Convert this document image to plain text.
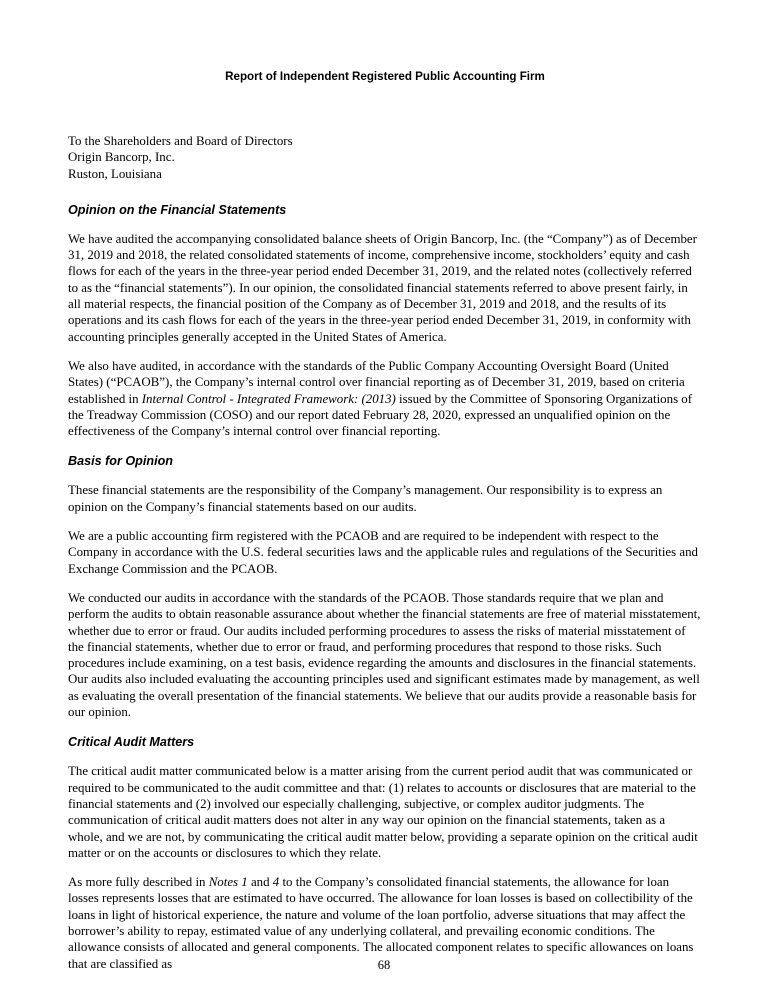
Report of Independent Registered Public Accounting Firm
To the Shareholders and Board of Directors
Origin Bancorp, Inc.
Ruston, Louisiana
Opinion on the Financial Statements

We have audited the accompanying consolidated balance sheets of Origin Bancorp, Inc. (the “Company”) as of December 31, 2019 and 2018, the related consolidated statements of income, comprehensive income, stockholders’ equity and cash flows for each of the years in the three-year period ended December 31, 2019, and the related notes (collectively referred to as the “financial statements”). In our opinion, the consolidated financial statements referred to above present fairly, in all material respects, the financial position of the Company as of December 31, 2019 and 2018, and the results of its operations and its cash flows for each of the years in the three-year period ended December 31, 2019, in conformity with accounting principles generally accepted in the United States of America.

We also have audited, in accordance with the standards of the Public Company Accounting Oversight Board (United States) (“PCAOB”), the Company’s internal control over financial reporting as of December 31, 2019, based on criteria established in Internal Control - Integrated Framework: (2013) issued by the Committee of Sponsoring Organizations of the Treadway Commission (COSO) and our report dated February 28, 2020, expressed an unqualified opinion on the effectiveness of the Company’s internal control over financial reporting.

Basis for Opinion

These financial statements are the responsibility of the Company’s management. Our responsibility is to express an opinion on the Company’s financial statements based on our audits.

We are a public accounting firm registered with the PCAOB and are required to be independent with respect to the Company in accordance with the U.S. federal securities laws and the applicable rules and regulations of the Securities and Exchange Commission and the PCAOB.

We conducted our audits in accordance with the standards of the PCAOB. Those standards require that we plan and perform the audits to obtain reasonable assurance about whether the financial statements are free of material misstatement, whether due to error or fraud. Our audits included performing procedures to assess the risks of material misstatement of the financial statements, whether due to error or fraud, and performing procedures that respond to those risks. Such procedures include examining, on a test basis, evidence regarding the amounts and disclosures in the financial statements. Our audits also included evaluating the accounting principles used and significant estimates made by management, as well as evaluating the overall presentation of the financial statements. We believe that our audits provide a reasonable basis for our opinion.

Critical Audit Matters

The critical audit matter communicated below is a matter arising from the current period audit that was communicated or required to be communicated to the audit committee and that: (1) relates to accounts or disclosures that are material to the financial statements and (2) involved our especially challenging, subjective, or complex auditor judgments. The communication of critical audit matters does not alter in any way our opinion on the financial statements, taken as a whole, and we are not, by communicating the critical audit matter below, providing a separate opinion on the critical audit matter or on the accounts or disclosures to which they relate.

As more fully described in Notes 1 and 4 to the Company’s consolidated financial statements, the allowance for loan losses represents losses that are estimated to have occurred. The allowance for loan losses is based on collectibility of the loans in light of historical experience, the nature and volume of the loan portfolio, adverse situations that may affect the borrower’s ability to repay, estimated value of any underlying collateral, and prevailing economic conditions. The allowance consists of allocated and general components. The allocated component relates to specific allowances on loans that are classified as	68
